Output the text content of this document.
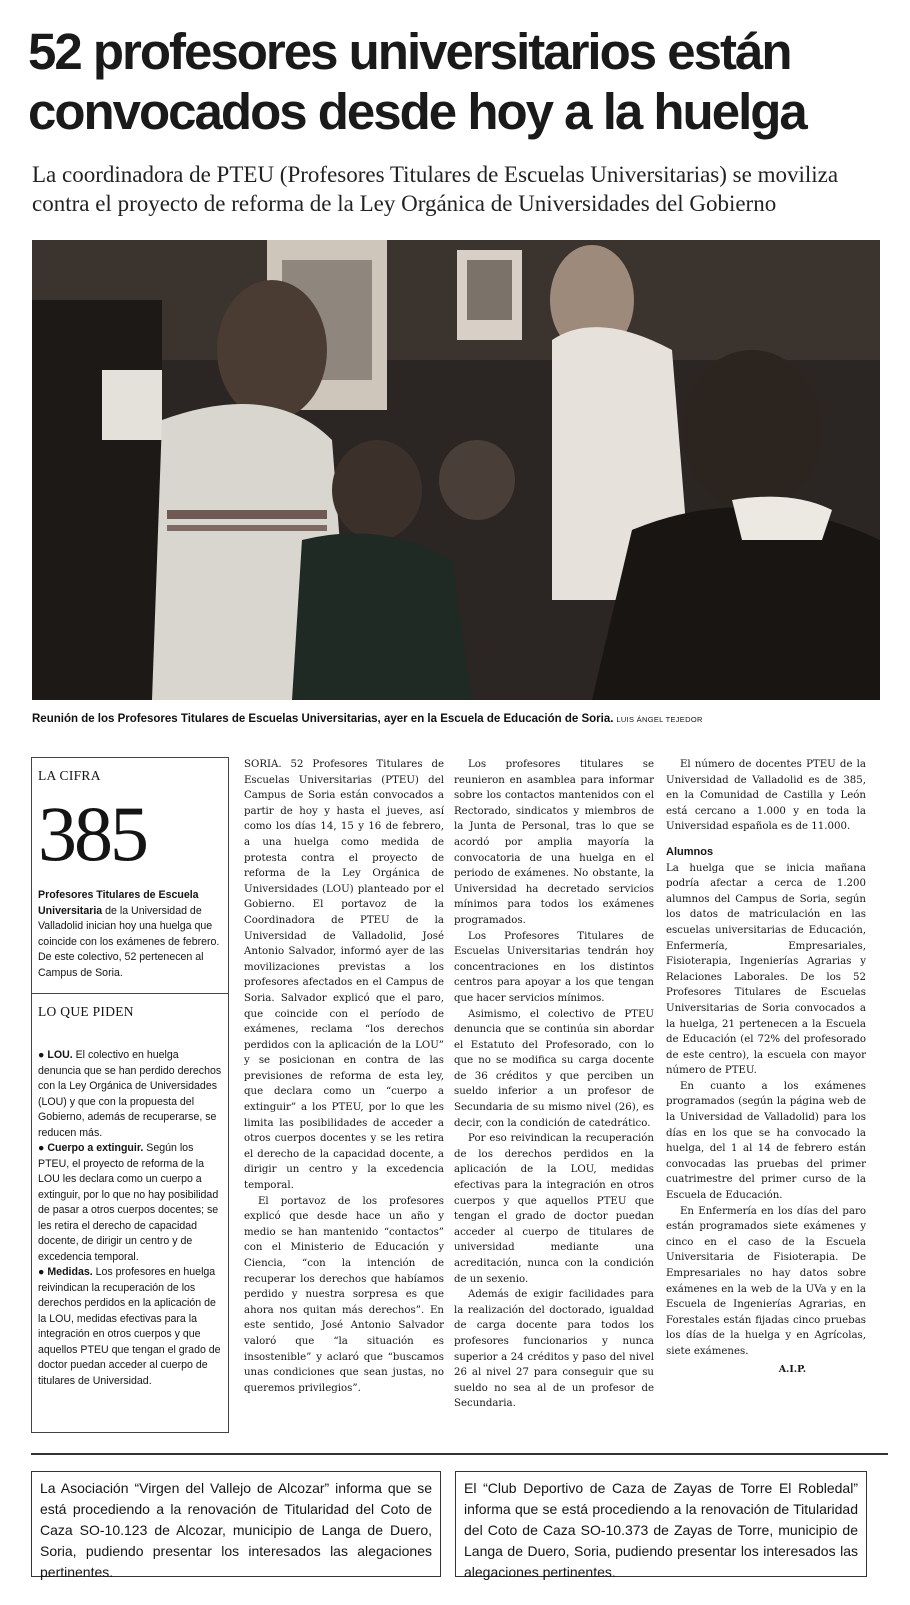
52 profesores universitarios están convocados desde hoy a la huelga

La coordinadora de PTEU (Profesores Titulares de Escuelas Universitarias) se moviliza contra el proyecto de reforma de la Ley Orgánica de Universidades del Gobierno

Reunión de los Profesores Titulares de Escuelas Universitarias, ayer en la Escuela de Educación de Soria. LUIS ÁNGEL TEJEDOR
LA CIFRA
385
Profesores Titulares de Escuela Universitaria de la Universidad de Valladolid inician hoy una huelga que coincide con los exámenes de febrero. De este colectivo, 52 pertenecen al Campus de Soria.
LO QUE PIDEN
● LOU. El colectivo en huelga denuncia que se han perdido derechos con la Ley Orgánica de Universidades (LOU) y que con la propuesta del Gobierno, además de recuperarse, se reducen más.
● Cuerpo a extinguir. Según los PTEU, el proyecto de reforma de la LOU les declara como un cuerpo a extinguir, por lo que no hay posibilidad de pasar a otros cuerpos docentes; se les retira el derecho de capacidad docente, de dirigir un centro y de excedencia temporal.
● Medidas. Los profesores en huelga reivindican la recuperación de los derechos perdidos en la aplicación de la LOU, medidas efectivas para la integración en otros cuerpos y que aquellos PTEU que tengan el grado de doctor puedan acceder al cuerpo de titulares de Universidad.

SORIA. 52 Profesores Titulares de Escuelas Universitarias (PTEU) del Campus de Soria están convocados a partir de hoy y hasta el jueves, así como los días 14, 15 y 16 de febrero, a una huelga como medida de protesta contra el proyecto de reforma de la Ley Orgánica de Universidades (LOU) planteado por el Gobierno. El portavoz de la Coordinadora de PTEU de la Universidad de Valladolid, José Antonio Salvador, informó ayer de las movilizaciones previstas a los profesores afectados en el Campus de Soria. Salvador explicó que el paro, que coincide con el período de exámenes, reclama “los derechos perdidos con la aplicación de la LOU” y se posicionan en contra de las previsiones de reforma de esta ley, que declara como un “cuerpo a extinguir” a los PTEU, por lo que les limita las posibilidades de acceder a otros cuerpos docentes y se les retira el derecho de la capacidad docente, a dirigir un centro y la excedencia temporal.

El portavoz de los profesores explicó que desde hace un año y medio se han mantenido “contactos” con el Ministerio de Educación y Ciencia, “con la intención de recuperar los derechos que habíamos perdido y nuestra sorpresa es que ahora nos quitan más derechos”. En este sentido, José Antonio Salvador valoró que “la situación es insostenible” y aclaró que “buscamos unas condiciones que sean justas, no queremos privilegios”.

Los profesores titulares se reunieron en asamblea para informar sobre los contactos mantenidos con el Rectorado, sindicatos y miembros de la Junta de Personal, tras lo que se acordó por amplia mayoría la convocatoria de una huelga en el periodo de exámenes. No obstante, la Universidad ha decretado servicios mínimos para todos los exámenes programados.

Los Profesores Titulares de Escuelas Universitarias tendrán hoy concentraciones en los distintos centros para apoyar a los que tengan que hacer servicios mínimos.

Asimismo, el colectivo de PTEU denuncia que se continúa sin abordar el Estatuto del Profesorado, con lo que no se modifica su carga docente de 36 créditos y que perciben un sueldo inferior a un profesor de Secundaria de su mismo nivel (26), es decir, con la condición de catedrático.

Por eso reivindican la recuperación de los derechos perdidos en la aplicación de la LOU, medidas efectivas para la integración en otros cuerpos y que aquellos PTEU que tengan el grado de doctor puedan acceder al cuerpo de titulares de universidad mediante una acreditación, nunca con la condición de un sexenio.

Además de exigir facilidades para la realización del doctorado, igualdad de carga docente para todos los profesores funcionarios y nunca superior a 24 créditos y paso del nivel 26 al nivel 27 para conseguir que su sueldo no sea al de un profesor de Secundaria.

El número de docentes PTEU de la Universidad de Valladolid es de 385, en la Comunidad de Castilla y León está cercano a 1.000 y en toda la Universidad española es de 11.000.

Alumnos

La huelga que se inicia mañana podría afectar a cerca de 1.200 alumnos del Campus de Soria, según los datos de matriculación en las escuelas universitarias de Educación, Enfermería, Empresariales, Fisioterapia, Ingenierías Agrarias y Relaciones Laborales. De los 52 Profesores Titulares de Escuelas Universitarias de Soria convocados a la huelga, 21 pertenecen a la Escuela de Educación (el 72% del profesorado de este centro), la escuela con mayor número de PTEU.

En cuanto a los exámenes programados (según la página web de la Universidad de Valladolid) para los días en los que se ha convocado la huelga, del 1 al 14 de febrero están convocadas las pruebas del primer cuatrimestre del primer curso de la Escuela de Educación.

En Enfermería en los días del paro están programados siete exámenes y cinco en el caso de la Escuela Universitaria de Fisioterapia. De Empresariales no hay datos sobre exámenes en la web de la UVa y en la Escuela de Ingenierías Agrarias, en Forestales están fijadas cinco pruebas los días de la huelga y en Agrícolas, siete exámenes.

A.I.P.
La Asociación “Virgen del Vallejo de Alcozar” informa que se está procediendo a la renovación de Titularidad del Coto de Caza SO-10.123 de Alcozar, municipio de Langa de Duero, Soria, pudiendo presentar los interesados las alegaciones pertinentes.
El “Club Deportivo de Caza de Zayas de Torre El Robledal” informa que se está procediendo a la renovación de Titularidad del Coto de Caza SO-10.373 de Zayas de Torre, municipio de Langa de Duero, Soria, pudiendo presentar los interesados las alegaciones pertinentes.
